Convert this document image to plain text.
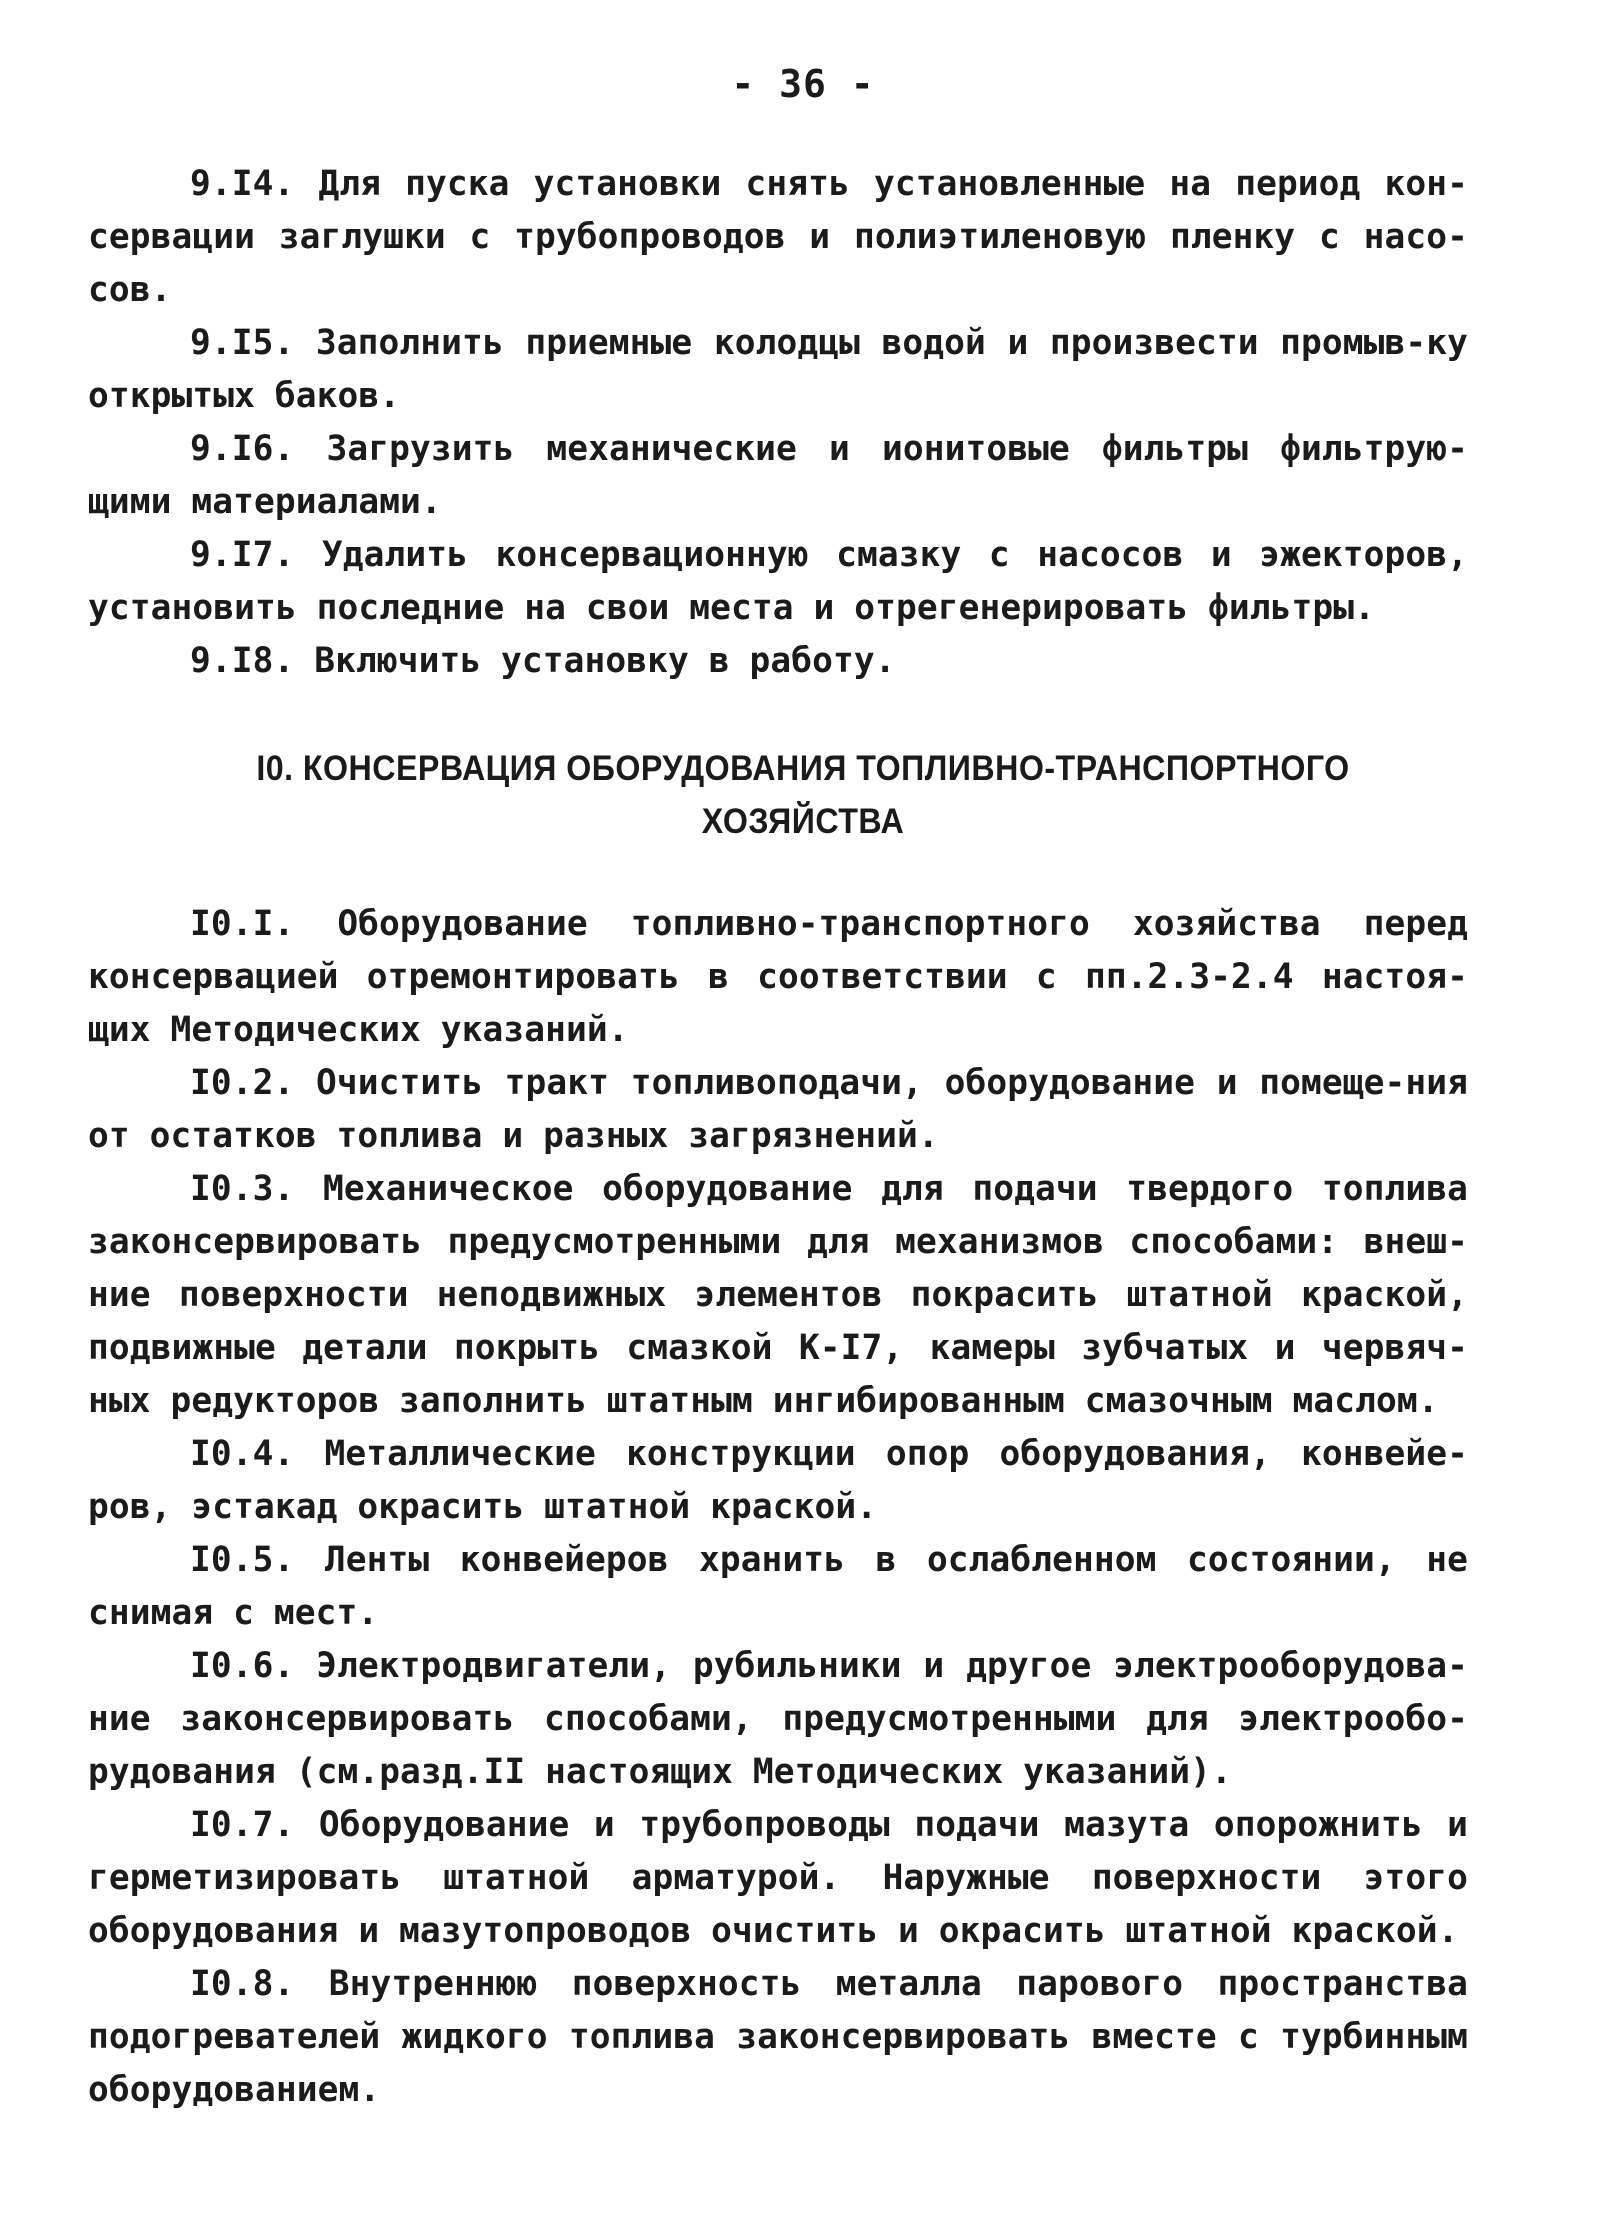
- 36 -

9.I4. Для пуска установки снять установленные на период кон-сервации заглушки с трубопроводов и полиэтиленовую пленку с насо-сов.

9.I5. Заполнить приемные колодцы водой и произвести промыв-ку открытых баков.

9.I6. Загрузить механические и ионитовые фильтры фильтрую-щими материалами.

9.I7. Удалить консервационную смазку с насосов и эжекторов, установить последние на свои места и отрегенерировать фильтры.

9.I8. Включить установку в работу.

I0. КОНСЕРВАЦИЯ ОБОРУДОВАНИЯ ТОПЛИВНО-ТРАНСПОРТНОГО
ХОЗЯЙСТВА

I0.I. Оборудование топливно-транспортного хозяйства перед консервацией отремонтировать в соответствии с пп.2.3-2.4 настоя-щих Методических указаний.

I0.2. Очистить тракт топливоподачи, оборудование и помеще-ния от остатков топлива и разных загрязнений.

I0.3. Механическое оборудование для подачи твердого топлива законсервировать предусмотренными для механизмов способами: внеш-ние поверхности неподвижных элементов покрасить штатной краской, подвижные детали покрыть смазкой К-I7, камеры зубчатых и червяч-ных редукторов заполнить штатным ингибированным смазочным маслом.

I0.4. Металлические конструкции опор оборудования, конвейе-ров, эстакад окрасить штатной краской.

I0.5. Ленты конвейеров хранить в ослабленном состоянии, не снимая с мест.

I0.6. Электродвигатели, рубильники и другое электрооборудова-ние законсервировать способами, предусмотренными для электрообо-рудования (см.разд.II настоящих Методических указаний).

I0.7. Оборудование и трубопроводы подачи мазута опорожнить и герметизировать штатной арматурой. Наружные поверхности этого оборудования и мазутопроводов очистить и окрасить штатной краской.

I0.8. Внутреннюю поверхность металла парового пространства подогревателей жидкого топлива законсервировать вместе с турбинным оборудованием.
